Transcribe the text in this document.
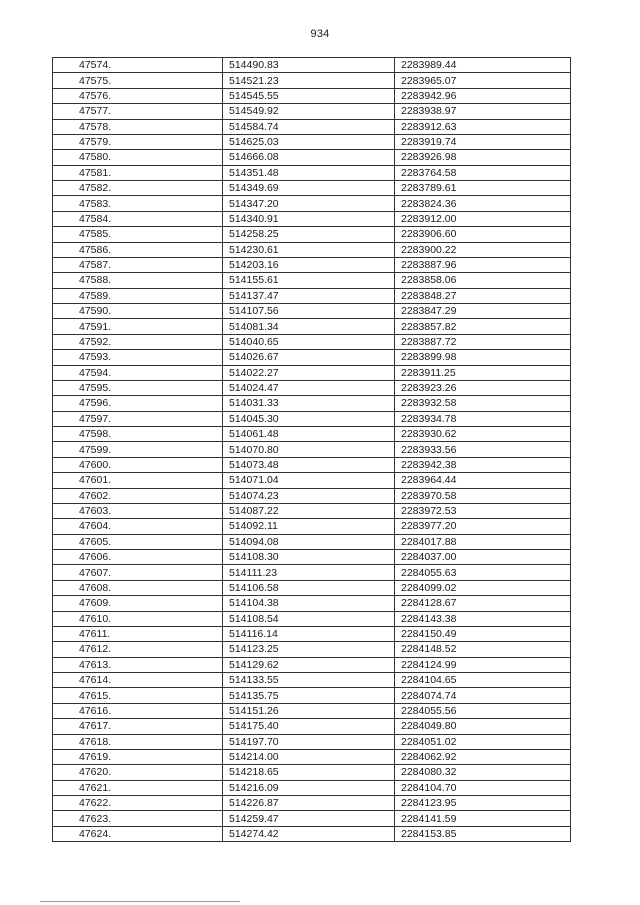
934
47574.	514490.83	2283989.44
47575.	514521.23	2283965.07
47576.	514545.55	2283942.96
47577.	514549.92	2283938.97
47578.	514584.74	2283912.63
47579.	514625.03	2283919.74
47580.	514666.08	2283926.98
47581.	514351.48	2283764.58
47582.	514349.69	2283789.61
47583.	514347.20	2283824.36
47584.	514340.91	2283912.00
47585.	514258.25	2283906.60
47586.	514230.61	2283900.22
47587.	514203.16	2283887.96
47588.	514155.61	2283858.06
47589.	514137.47	2283848.27
47590.	514107.56	2283847.29
47591.	514081.34	2283857.82
47592.	514040.65	2283887.72
47593.	514026.67	2283899.98
47594.	514022.27	2283911.25
47595.	514024.47	2283923.26
47596.	514031.33	2283932.58
47597.	514045.30	2283934.78
47598.	514061.48	2283930.62
47599.	514070.80	2283933.56
47600.	514073.48	2283942.38
47601.	514071.04	2283964.44
47602.	514074.23	2283970.58
47603.	514087.22	2283972.53
47604.	514092.11	2283977.20
47605.	514094.08	2284017.88
47606.	514108.30	2284037.00
47607.	514111.23	2284055.63
47608.	514106.58	2284099.02
47609.	514104.38	2284128.67
47610.	514108.54	2284143.38
47611.	514116.14	2284150.49
47612.	514123.25	2284148.52
47613.	514129.62	2284124.99
47614.	514133.55	2284104.65
47615.	514135.75	2284074.74
47616.	514151.26	2284055.56
47617.	514175.40	2284049.80
47618.	514197.70	2284051.02
47619.	514214.00	2284062.92
47620.	514218.65	2284080.32
47621.	514216.09	2284104.70
47622.	514226.87	2284123.95
47623.	514259.47	2284141.59
47624.	514274.42	2284153.85
